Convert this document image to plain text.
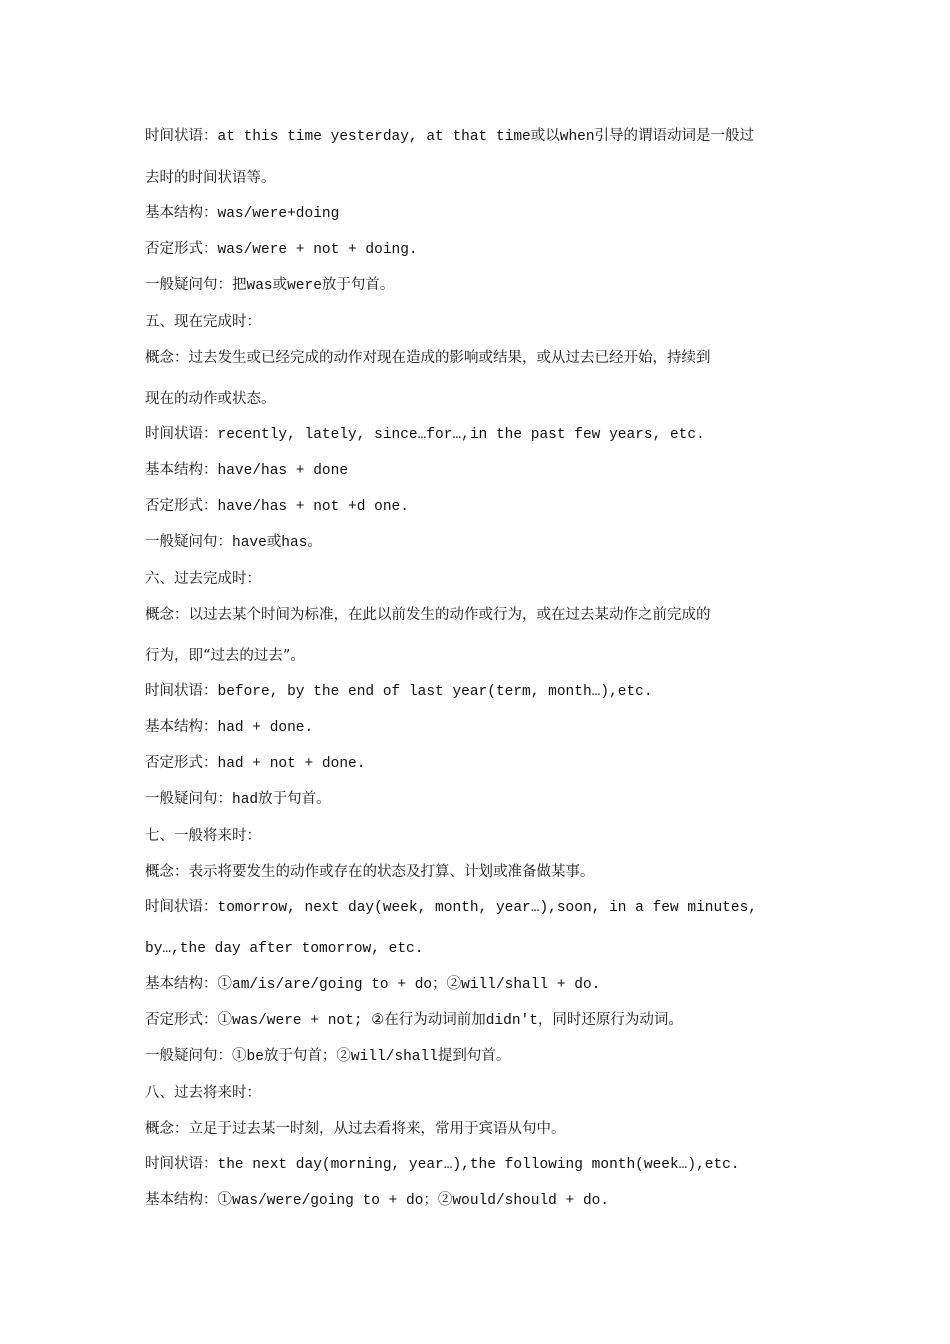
时间状语：at this time yesterday, at that time或以when引导的谓语动词是一般过
去时的时间状语等。
基本结构：was/were+doing
否定形式：was/were + not + doing.
一般疑问句：把was或were放于句首。
五、现在完成时：
概念：过去发生或已经完成的动作对现在造成的影响或结果，或从过去已经开始，持续到
现在的动作或状态。
时间状语：recently, lately, since…for…,in the past few years, etc.
基本结构：have/has + done
否定形式：have/has + not +d one.
一般疑问句：have或has。
六、过去完成时：
概念：以过去某个时间为标准，在此以前发生的动作或行为，或在过去某动作之前完成的
行为，即“过去的过去”。
时间状语：before, by the end of last year(term, month…),etc.
基本结构：had + done.
否定形式：had + not + done.
一般疑问句：had放于句首。
七、一般将来时：
概念：表示将要发生的动作或存在的状态及打算、计划或准备做某事。
时间状语：tomorrow, next day(week, month, year…),soon, in a few minutes,
by…,the day after tomorrow, etc.
基本结构：①am/is/are/going to + do；②will/shall + do.
否定形式：①was/were + not; ②在行为动词前加didn't，同时还原行为动词。
一般疑问句：①be放于句首；②will/shall提到句首。
八、过去将来时：
概念：立足于过去某一时刻，从过去看将来，常用于宾语从句中。
时间状语：the next day(morning, year…),the following month(week…),etc.
基本结构：①was/were/going to + do；②would/should + do.
